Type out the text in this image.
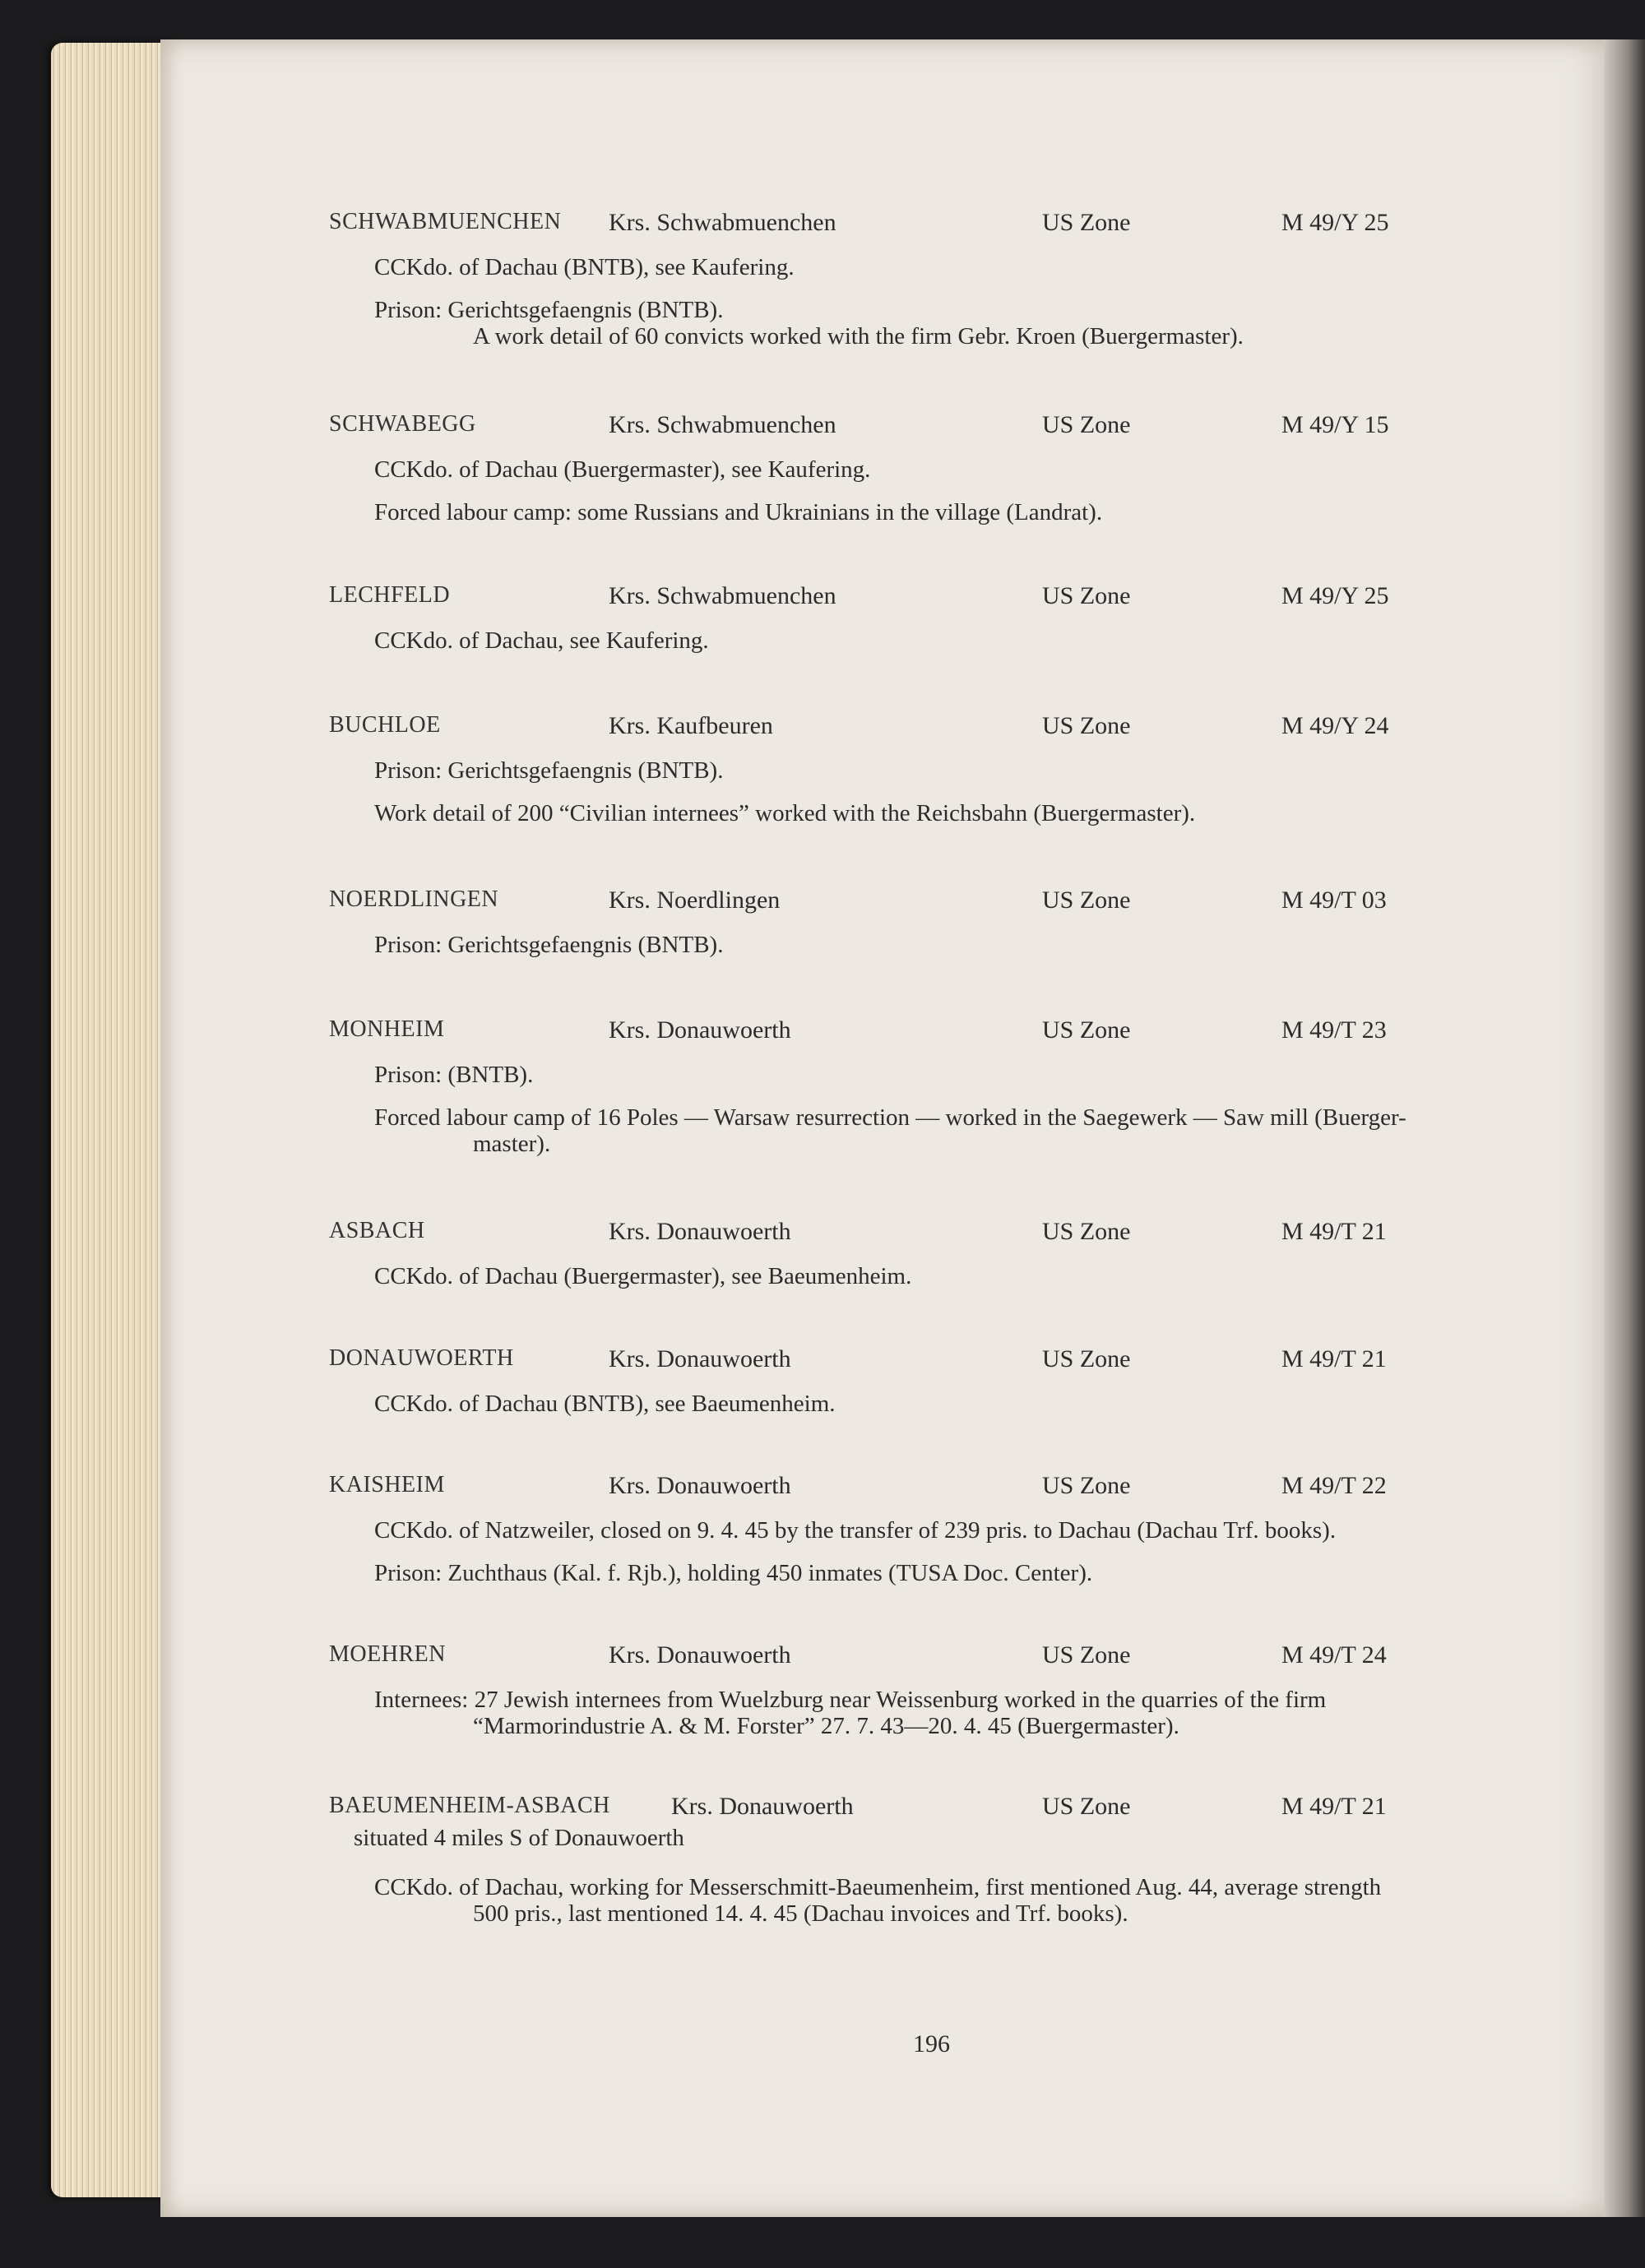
SCHWABMUENCHEN Krs. Schwabmuenchen	US Zone	M 49/Y 25
CCKdo. of Dachau (BNTB), see Kaufering.
Prison: Gerichtsgefaengnis (BNTB).
A work detail of 60 convicts worked with the firm Gebr. Kroen (Buergermaster).
SCHWABEGG	Krs. Schwabmuenchen	US Zone	M 49/Y 15
CCKdo. of Dachau (Buergermaster), see Kaufering.
Forced labour camp: some Russians and Ukrainians in the village (Landrat).
LECHFELD	Krs. Schwabmuenchen	US Zone	M 49/Y 25
CCKdo. of Dachau, see Kaufering.
BUCHLOE	Krs. Kaufbeuren	US Zone	M 49/Y 24
Prison: Gerichtsgefaengnis (BNTB).
Work detail of 200 “Civilian internees” worked with the Reichsbahn (Buergermaster).
NOERDLINGEN	Krs. Noerdlingen	US Zone	M 49/T 03
Prison: Gerichtsgefaengnis (BNTB).
MONHEIM	Krs. Donauwoerth	US Zone	M 49/T 23
Prison: (BNTB).
Forced labour camp of 16 Poles — Warsaw resurrection — worked in the Saegewerk — Saw mill (Buerger-
master).
ASBACH	Krs. Donauwoerth	US Zone	M 49/T 21
CCKdo. of Dachau (Buergermaster), see Baeumenheim.
DONAUWOERTH	Krs. Donauwoerth	US Zone	M 49/T 21
CCKdo. of Dachau (BNTB), see Baeumenheim.
KAISHEIM	Krs. Donauwoerth	US Zone	M 49/T 22
CCKdo. of Natzweiler, closed on 9. 4. 45 by the transfer of 239 pris. to Dachau (Dachau Trf. books).
Prison: Zuchthaus (Kal. f. Rjb.), holding 450 inmates (TUSA Doc. Center).
MOEHREN	Krs. Donauwoerth	US Zone	M 49/T 24
Internees: 27 Jewish internees from Wuelzburg near Weissenburg worked in the quarries of the firm
“Marmorindustrie A. & M. Forster” 27. 7. 43—20. 4. 45 (Buergermaster).
BAEUMENHEIM-ASBACH Krs. Donauwoerth	US Zone	M 49/T 21
situated 4 miles S of Donauwoerth
CCKdo. of Dachau, working for Messerschmitt-Baeumenheim, first mentioned Aug. 44, average strength
500 pris., last mentioned 14. 4. 45 (Dachau invoices and Trf. books).
196
